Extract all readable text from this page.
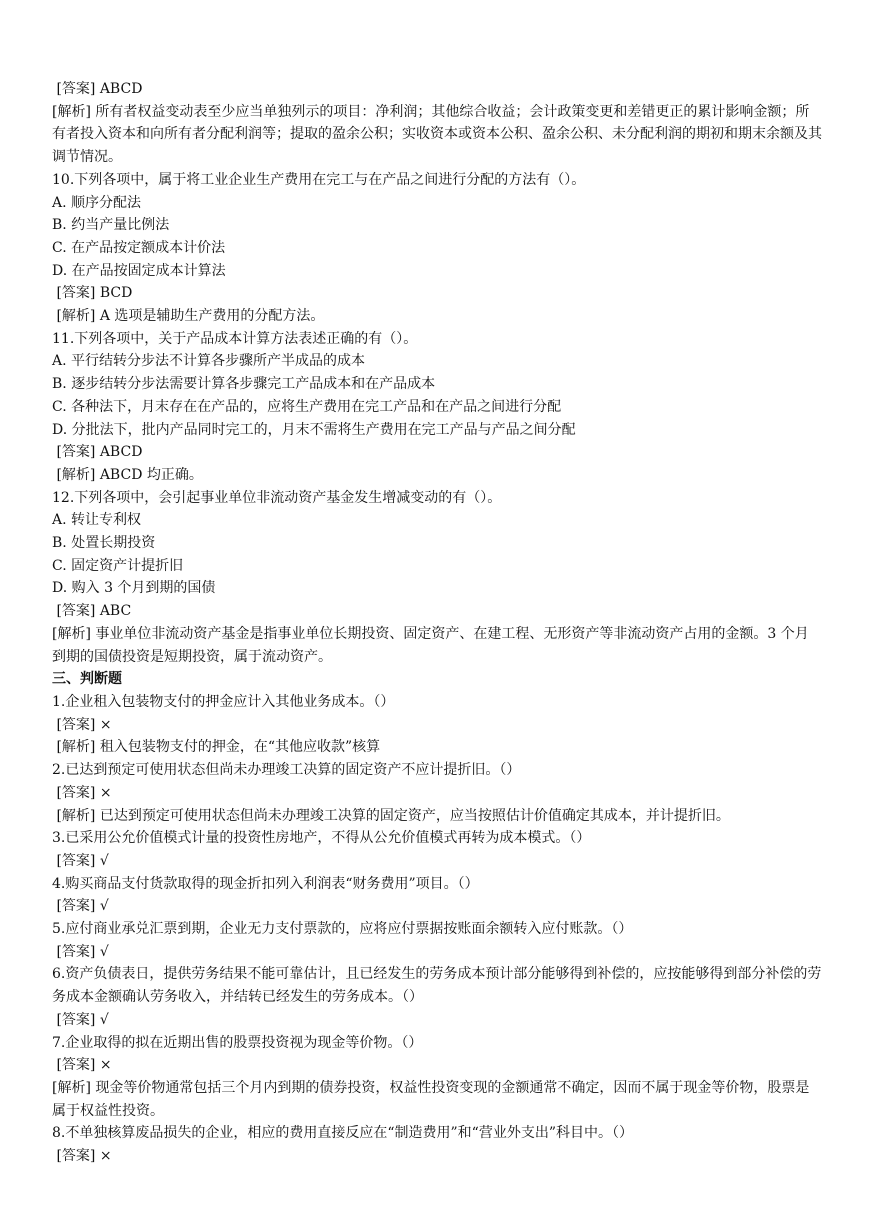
[答案] ABCD
[解析] 所有者权益变动表至少应当单独列示的项目：净利润；其他综合收益；会计政策变更和差错更正的累计影响金额；所有者投入资本和向所有者分配利润等；提取的盈余公积；实收资本或资本公积、盈余公积、未分配利润的期初和期末余额及其调节情况。
10.下列各项中，属于将工业企业生产费用在完工与在产品之间进行分配的方法有（）。
A. 顺序分配法
B. 约当产量比例法
C. 在产品按定额成本计价法
D. 在产品按固定成本计算法
[答案] BCD
[解析] A 选项是辅助生产费用的分配方法。
11.下列各项中，关于产品成本计算方法表述正确的有（）。
A. 平行结转分步法不计算各步骤所产半成品的成本
B. 逐步结转分步法需要计算各步骤完工产品成本和在产品成本
C. 各种法下，月末存在在产品的，应将生产费用在完工产品和在产品之间进行分配
D. 分批法下，批内产品同时完工的，月末不需将生产费用在完工产品与产品之间分配
[答案] ABCD
[解析] ABCD 均正确。
12.下列各项中，会引起事业单位非流动资产基金发生增减变动的有（）。
A. 转让专利权
B. 处置长期投资
C. 固定资产计提折旧
D. 购入 3 个月到期的国债
[答案] ABC
[解析] 事业单位非流动资产基金是指事业单位长期投资、固定资产、在建工程、无形资产等非流动资产占用的金额。3 个月到期的国债投资是短期投资，属于流动资产。
三、判断题
1.企业租入包装物支付的押金应计入其他业务成本。（）
[答案] ×
[解析] 租入包装物支付的押金，在“其他应收款”核算
2.已达到预定可使用状态但尚未办理竣工决算的固定资产不应计提折旧。（）
[答案] ×
[解析] 已达到预定可使用状态但尚未办理竣工决算的固定资产，应当按照估计价值确定其成本，并计提折旧。
3.已采用公允价值模式计量的投资性房地产，不得从公允价值模式再转为成本模式。（）
[答案] √
4.购买商品支付货款取得的现金折扣列入利润表“财务费用”项目。（）
[答案] √
5.应付商业承兑汇票到期，企业无力支付票款的，应将应付票据按账面余额转入应付账款。（）
[答案] √
6.资产负债表日，提供劳务结果不能可靠估计，且已经发生的劳务成本预计部分能够得到补偿的，应按能够得到部分补偿的劳务成本金额确认劳务收入，并结转已经发生的劳务成本。（）
[答案] √
7.企业取得的拟在近期出售的股票投资视为现金等价物。（）
[答案] ×
[解析] 现金等价物通常包括三个月内到期的债券投资，权益性投资变现的金额通常不确定，因而不属于现金等价物，股票是属于权益性投资。
8.不单独核算废品损失的企业，相应的费用直接反应在“制造费用”和“营业外支出”科目中。（）
[答案] ×
